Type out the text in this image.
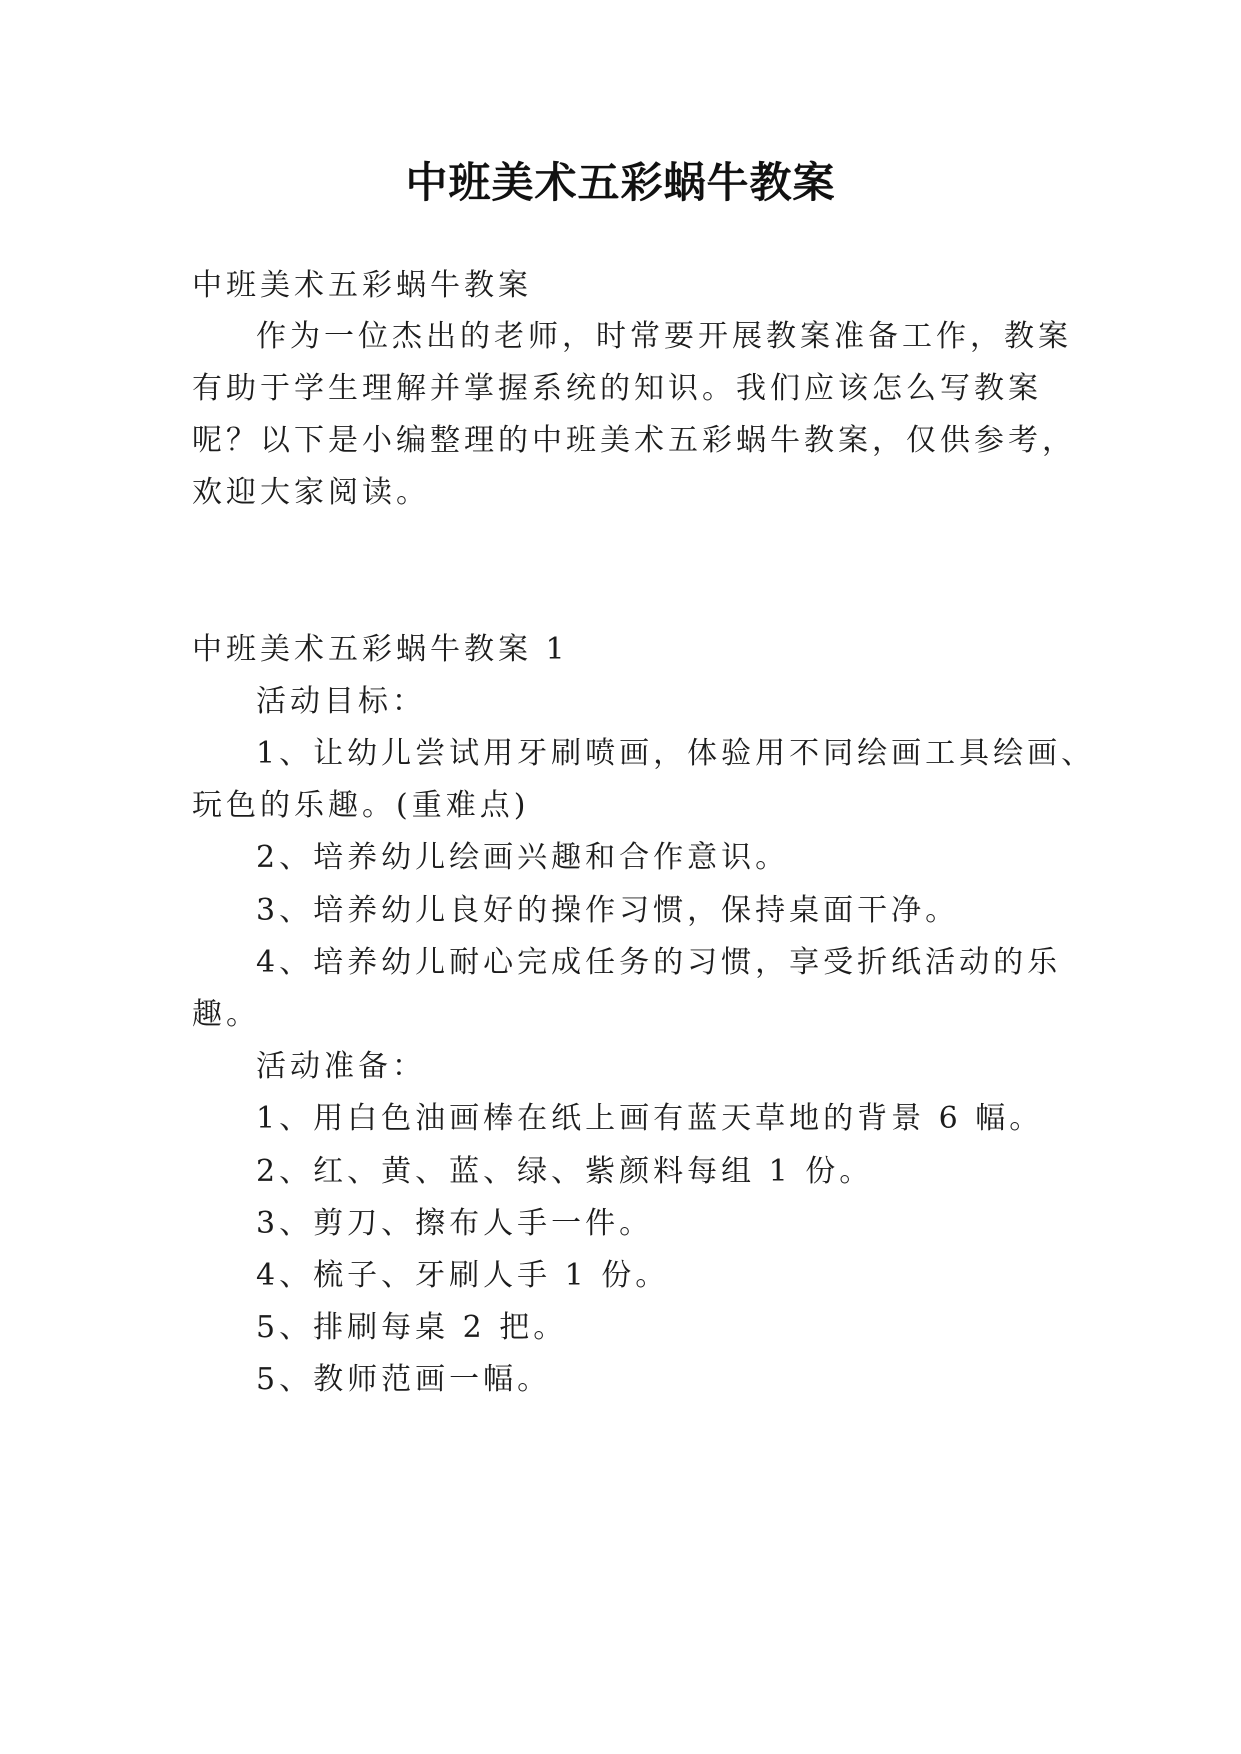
中班美术五彩蜗牛教案
中班美术五彩蜗牛教案
作为一位杰出的老师，时常要开展教案准备工作，教案
有助于学生理解并掌握系统的知识。我们应该怎么写教案
呢？以下是小编整理的中班美术五彩蜗牛教案，仅供参考，
欢迎大家阅读。
中班美术五彩蜗牛教案 1
活动目标：
1、让幼儿尝试用牙刷喷画，体验用不同绘画工具绘画、
玩色的乐趣。(重难点)
2、培养幼儿绘画兴趣和合作意识。
3、培养幼儿良好的操作习惯，保持桌面干净。
4、培养幼儿耐心完成任务的习惯，享受折纸活动的乐
趣。
活动准备：
1、用白色油画棒在纸上画有蓝天草地的背景 6 幅。
2、红、黄、蓝、绿、紫颜料每组 1 份。
3、剪刀、擦布人手一件。
4、梳子、牙刷人手 1 份。
5、排刷每桌 2 把。
5、教师范画一幅。
